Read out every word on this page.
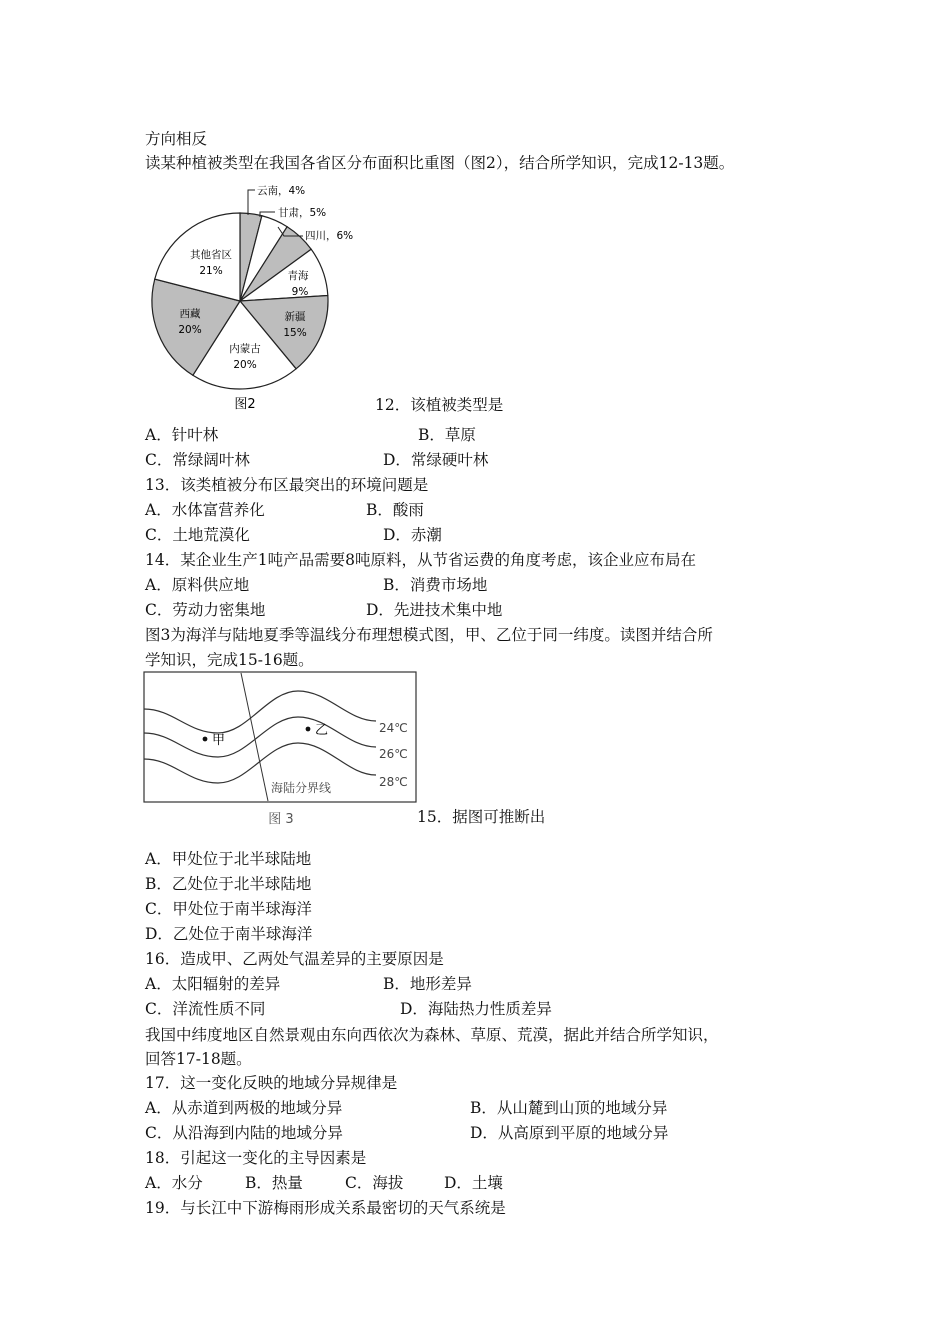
方向相反
读某种植被类型在我国各省区分布面积比重图（图2），结合所学知识，完成12-13题。
云南，4%
甘肃，5%
四川，6%
青海
9%
新疆
15%
内蒙古
20%
西藏
20%
其他省区
21%
图2	12．该植被类型是
A．针叶林	B．草原
C．常绿阔叶林	D．常绿硬叶林
13．该类植被分布区最突出的环境问题是
A．水体富营养化	B．酸雨
C．土地荒漠化	D．赤潮
14．某企业生产1吨产品需要8吨原料，从节省运费的角度考虑，该企业应布局在
A．原料供应地	B．消费市场地
C．劳动力密集地	D．先进技术集中地
图3为海洋与陆地夏季等温线分布理想模式图，甲、乙位于同一纬度。读图并结合所
学知识，完成15-16题。
甲
乙	24℃
26℃
28℃
海陆分界线
图 3	15．据图可推断出
A．甲处位于北半球陆地
B．乙处位于北半球陆地
C．甲处位于南半球海洋
D．乙处位于南半球海洋
16．造成甲、乙两处气温差异的主要原因是
A．太阳辐射的差异	B．地形差异
C．洋流性质不同	D．海陆热力性质差异
我国中纬度地区自然景观由东向西依次为森林、草原、荒漠，据此并结合所学知识，
回答17-18题。
17．这一变化反映的地域分异规律是
A．从赤道到两极的地域分异	B．从山麓到山顶的地域分异
C．从沿海到内陆的地域分异	D．从高原到平原的地域分异
18．引起这一变化的主导因素是
A．水分	B．热量	C．海拔	D．土壤
19．与长江中下游梅雨形成关系最密切的天气系统是
